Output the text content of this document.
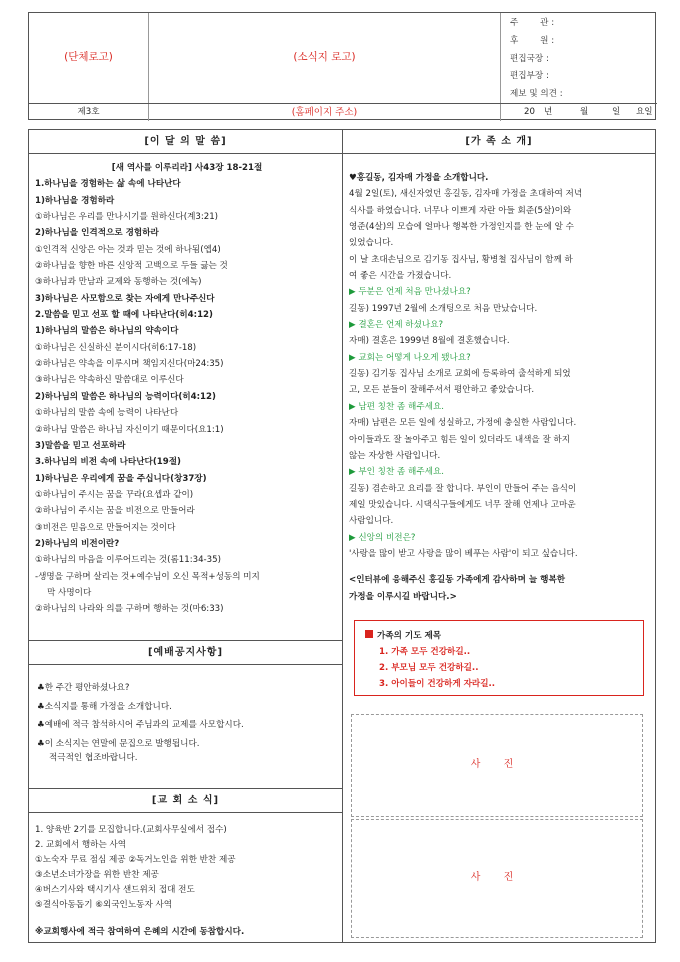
(단체로고)	(소식지 로고)
주        관 :
후        원 :
편집국장 :
편집부장 :
제보 및 의견 :
제3호	(홈페이지 주소)	20 년	월	일 요일
[이 달 의 말 씀]
[새 역사를 이루리라] 사43장 18-21절
1.하나님을 경험하는 삶 속에 나타난다
1)하나님을 경험하라
①하나님은 우리를 만나시기를 원하신다(계3:21)
2)하나님을 인격적으로 경험하라
①인격적 신앙은 아는 것과 믿는 것에 하나됨(엡4)
②하나님을 향한 바른 신앙적 고백으로 두들 긇는 것
③하나님과 만남과 교제와 동행하는 것(에녹)
3)하나님은 사모함으로 찾는 자에게 만나주신다
2.말씀을 믿고 선포 할 때에 나타난다(히4:12)
1)하나님의 말씀은 하나님의 약속이다
①하나님은 신실하신 분이시다(히6:17-18)
②하나님은 약속을 이루시며 책임지신다(마24:35)
③하나님은 약속하신 말씀대로 이루신다
2)하나님의 말씀은 하나님의 능력이다(히4:12)
①하나님의 말씀 속에 능력이 나타난다
②하나님 말씀은 하나님 자신이기 때문이다(요1:1)
3)말씀을 믿고 선포하라
3.하나님의 비전 속에 나타난다(19절)
1)하나님은 우리에게 꿈을 주십니다(창37장)
①하나님이 주시는 꿈을 꾸라(요셉과 같이)
②하나님이 주시는 꿈을 비전으로 만들어라
③비전은 믿음으로 만들어지는 것이다
2)하나님의 비전이란?
①하나님의 마음을 이루어드리는 것(롬11:34-35)
-생명을 구하며 살리는 것+예수님이 오신 목적+성동의 미지
막 사명이다
②하나님의 나라와 의를 구하며 행하는 것(마6:33)
[예배공지사항]
♣한 주간 평안하셨나요?
♣소식지를 통해 가정을 소개합니다.
♣예배에 적극 참석하시어 주님과의 교제를 사모합시다.
♣이 소식지는 연말에 문집으로 발행됩니다.
적극적인 협조바랍니다.
[교 회 소 식]
1. 양육반 2기를 모집합니다.(교회사무실에서 접수)
2. 교회에서 행하는 사역
①노숙자 무료 점심 제공 ②독거노인을 위한 반찬 제공
③소년소녀가장을 위한 반찬 제공
④버스기사와 택시기사 샌드위치 접대 전도
⑤결식아동돕기 ⑥외국인노동자 사역
※교회행사에 적극 참여하여 은혜의 시간에 동참합시다.
[가 족 소 개]
♥홍길동, 김자매 가정을 소개합니다.
4월 2일(토), 새신자였던 홍길동, 김자매 가정을 초대하여 저녁
식사를 하였습니다. 너무나 이쁘게 자란 아들 회준(5살)이와
영준(4살)의 모습에 얼마나 행복한 가정인지를 한 눈에 알 수
있었습니다.
이 날 초대손님으로 김기동 집사님, 황병철 집사님이 함께 하
여 좋은 시간을 가졌습니다.
▶ 두분은 언제 처음 만나셨나요?
길동) 1997년 2월에 소개팅으로 처음 만났습니다.
▶ 결혼은 언제 하셨나요?
자매) 결혼은 1999년 8월에 결혼했습니다.
▶ 교회는 어떻게 나오게 됐나요?
길동) 김기동 집사님 소개로 교회에 등록하여 출석하게 되었
고, 모든 분들이 잘해주셔서 평안하고 좋았습니다.
▶ 남편 칭찬 좀 해주세요.
자매) 남편은 모든 일에 성실하고, 가정에 충실한 사람입니다.
아이들과도 잘 놀아주고 힘든 일이 있더라도 내색을 잘 하지
않는 자상한 사람입니다.
▶ 부인 칭찬 좀 해주세요.
길동) 겸손하고 요리를 잘 합니다. 부인이 만들어 주는 음식이
제일 맛있습니다. 시댁식구들에게도 너무 잘해 언제나 고마운
사람입니다.
▶ 신앙의 비전은?
'사랑을 많이 받고 사랑을 많이 베푸는 사람'이 되고 싶습니다.
<인터뷰에 응해주신 홍길동 가족에게 감사하며 늘 행복한
가정을 이루시길 바랍니다.>
가족의 기도 제목
1. 가족 모두 건강하길..
2. 부모님 모두 건강하길..
3. 아이들이 건강하게 자라길..
사 진
사 진
